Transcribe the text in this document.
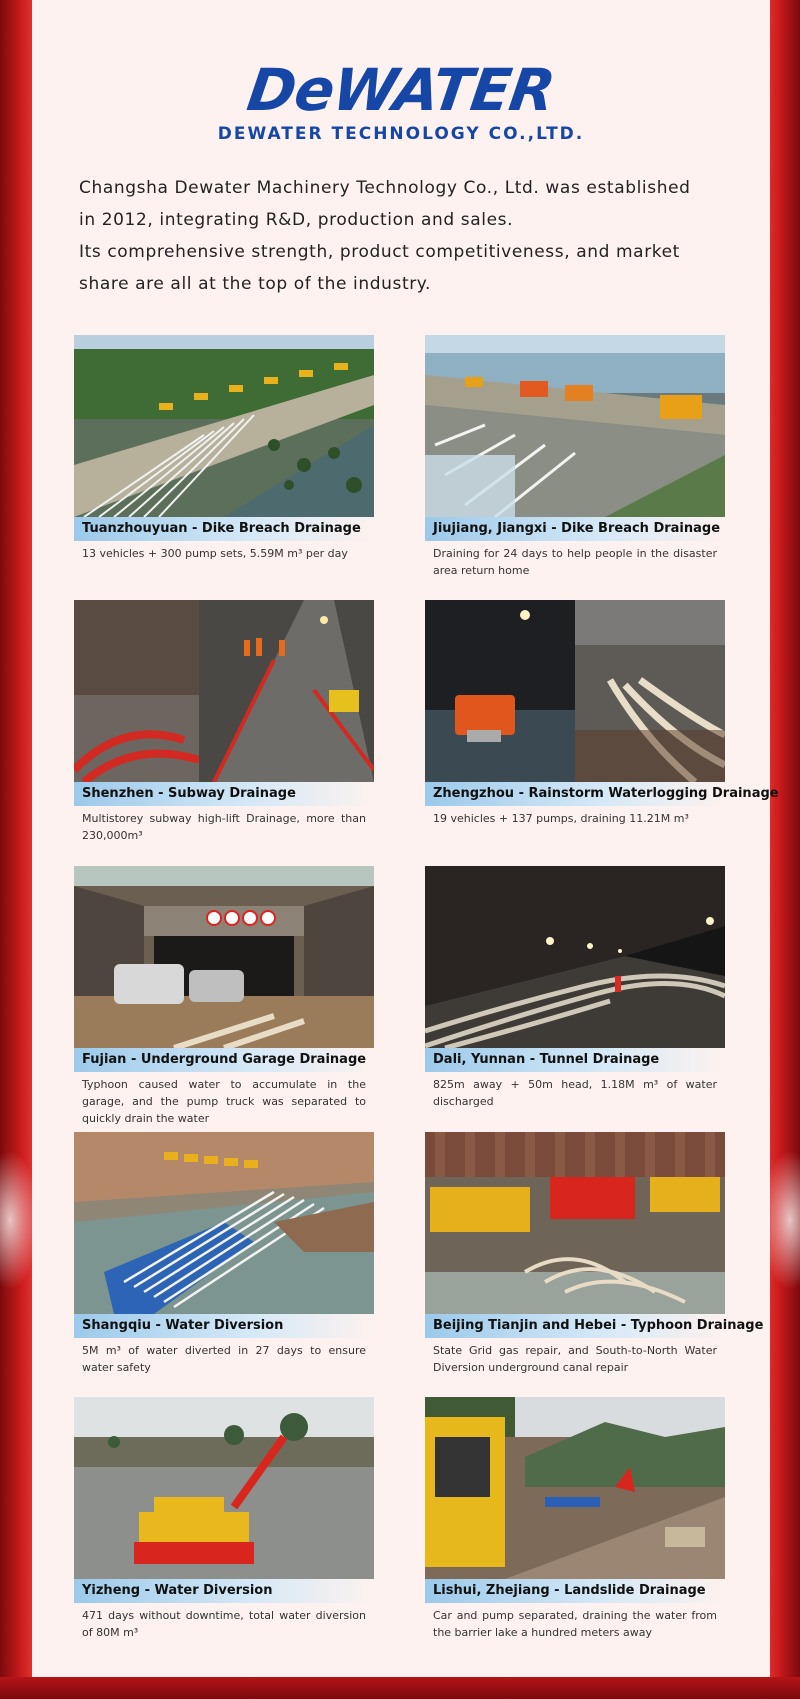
DeWATER
DEWATER TECHNOLOGY CO.,LTD.

Changsha Dewater Machinery Technology Co., Ltd. was established

in 2012, integrating R&D, production and sales.

Its comprehensive strength, product competitiveness, and market

share are all at the top of the industry.

Tuanzhouyuan - Dike Breach Drainage
13 vehicles + 300 pump sets, 5.59M m³ per day
Jiujiang, Jiangxi - Dike Breach Drainage
Draining for 24 days to help people in the disaster area return home
Shenzhen - Subway Drainage
Multistorey subway high-lift Drainage, more than 230,000m³
Zhengzhou - Rainstorm Waterlogging Drainage
19 vehicles + 137 pumps, draining 11.21M m³
Fujian - Underground Garage Drainage
Typhoon caused water to accumulate in the garage, and the pump truck was separated to quickly drain the water
Dali, Yunnan - Tunnel Drainage
825m away + 50m head, 1.18M m³ of water discharged
Shangqiu - Water Diversion
5M m³ of water diverted in 27 days to ensure water safety
Beijing Tianjin and Hebei - Typhoon Drainage
State Grid gas repair, and South-to-North Water Diversion underground canal repair
Yizheng - Water Diversion
471 days without downtime, total water diversion of 80M m³
Lishui, Zhejiang - Landslide Drainage
Car and pump separated, draining the water from the barrier lake a hundred meters away
